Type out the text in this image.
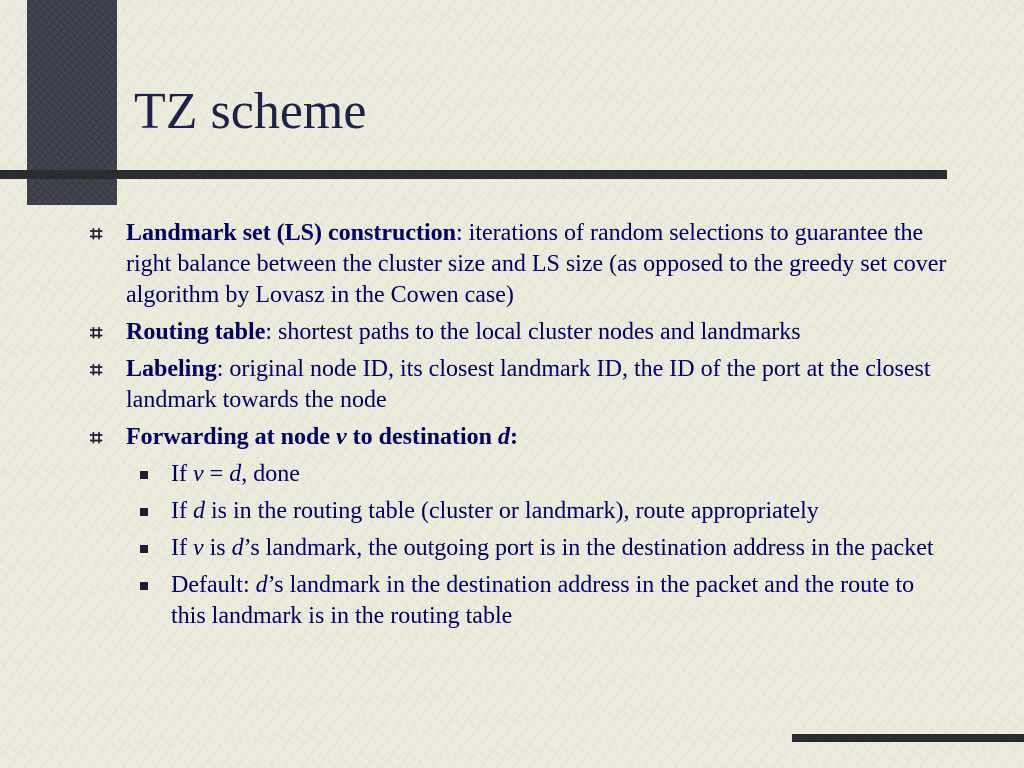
TZ scheme
⌗ Landmark set (LS) construction: iterations of random selections to guarantee the right balance between the cluster size and LS size (as opposed to the greedy set cover algorithm by Lovasz in the Cowen case)
⌗ Routing table: shortest paths to the local cluster nodes and landmarks
⌗ Labeling: original node ID, its closest landmark ID, the ID of the port at the closest landmark towards the node
⌗ Forwarding at node v to destination d:
If v = d, done
If d is in the routing table (cluster or landmark), route appropriately
If v is d’s landmark, the outgoing port is in the destination address in the packet
Default: d’s landmark in the destination address in the packet and the route to this landmark is in the routing table
